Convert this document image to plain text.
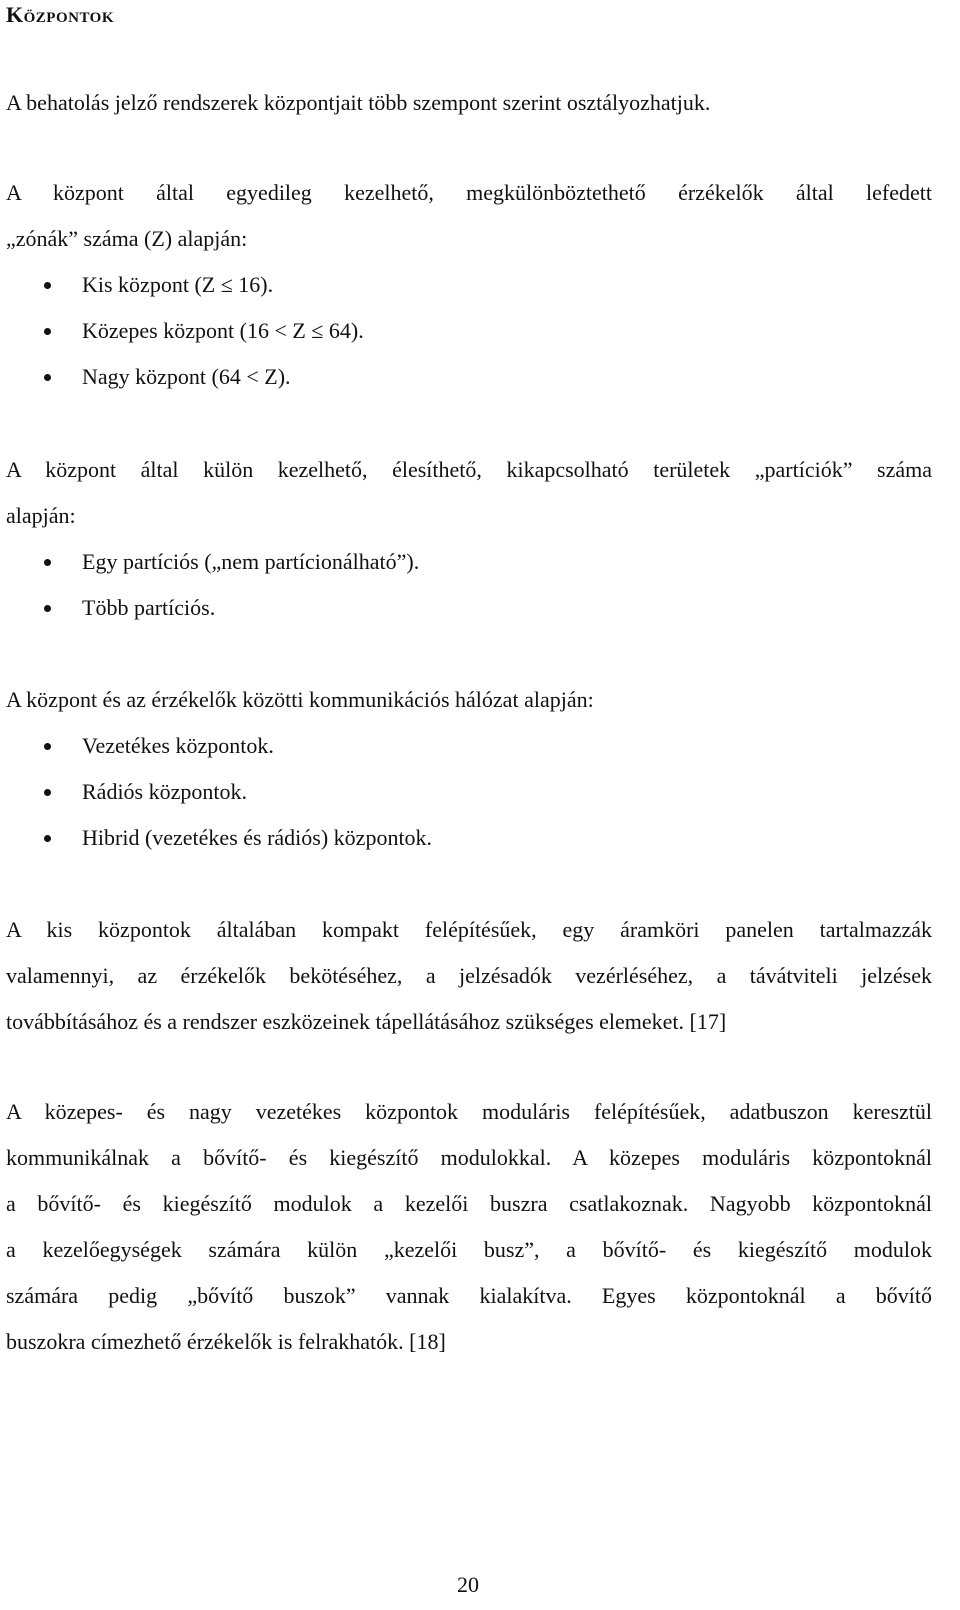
Központok
A behatolás jelző rendszerek központjait több szempont szerint osztályozhatjuk.
A központ által egyedileg kezelhető, megkülönböztethető érzékelők által lefedett
„zónák” száma (Z) alapján:
Kis központ (Z ≤ 16).
Közepes központ (16 < Z ≤ 64).
Nagy központ (64 < Z).
A központ által külön kezelhető, élesíthető, kikapcsolható területek „partíciók” száma
alapján:
Egy partíciós („nem partícionálható”).
Több partíciós.
A központ és az érzékelők közötti kommunikációs hálózat alapján:
Vezetékes központok.
Rádiós központok.
Hibrid (vezetékes és rádiós) központok.
A kis központok általában kompakt felépítésűek, egy áramköri panelen tartalmazzák
valamennyi, az érzékelők bekötéséhez, a jelzésadók vezérléséhez, a távátviteli jelzések
továbbításához és a rendszer eszközeinek tápellátásához szükséges elemeket. [17]
A közepes- és nagy vezetékes központok moduláris felépítésűek, adatbuszon keresztül
kommunikálnak a bővítő- és kiegészítő modulokkal. A közepes moduláris központoknál
a bővítő- és kiegészítő modulok a kezelői buszra csatlakoznak. Nagyobb központoknál
a kezelőegységek számára külön „kezelői busz”, a bővítő- és kiegészítő modulok
számára pedig „bővítő buszok” vannak kialakítva. Egyes központoknál a bővítő
buszokra címezhető érzékelők is felrakhatók. [18]
20
